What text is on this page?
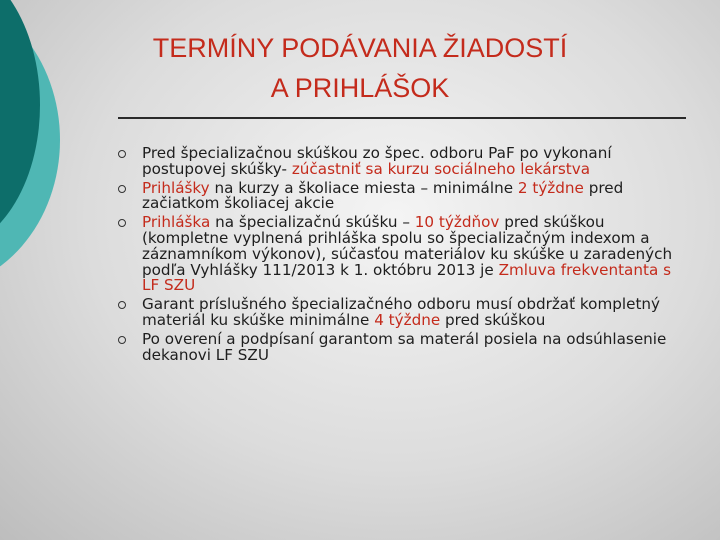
TERMÍNY PODÁVANIA ŽIADOSTÍ
A PRIHLÁŠOK
Pred špecializačnou skúškou zo špec. odboru PaF po vykonaní postupovej skúšky- zúčastniť sa kurzu sociálneho lekárstva
Prihlášky na kurzy a školiace miesta – minimálne 2 týždne pred začiatkom školiacej akcie
Prihláška na špecializačnú skúšku – 10 týždňov pred skúškou (kompletne vyplnená prihláška spolu so špecializačným indexom a záznamníkom výkonov), súčasťou materiálov ku skúške u zaradených podľa Vyhlášky 111/2013 k 1. októbru 2013 je Zmluva frekventanta s LF SZU
Garant príslušného špecializačného odboru musí obdržať kompletný materiál ku skúške minimálne 4 týždne pred skúškou
Po overení a podpísaní garantom sa materál posiela na odsúhlasenie dekanovi LF SZU
